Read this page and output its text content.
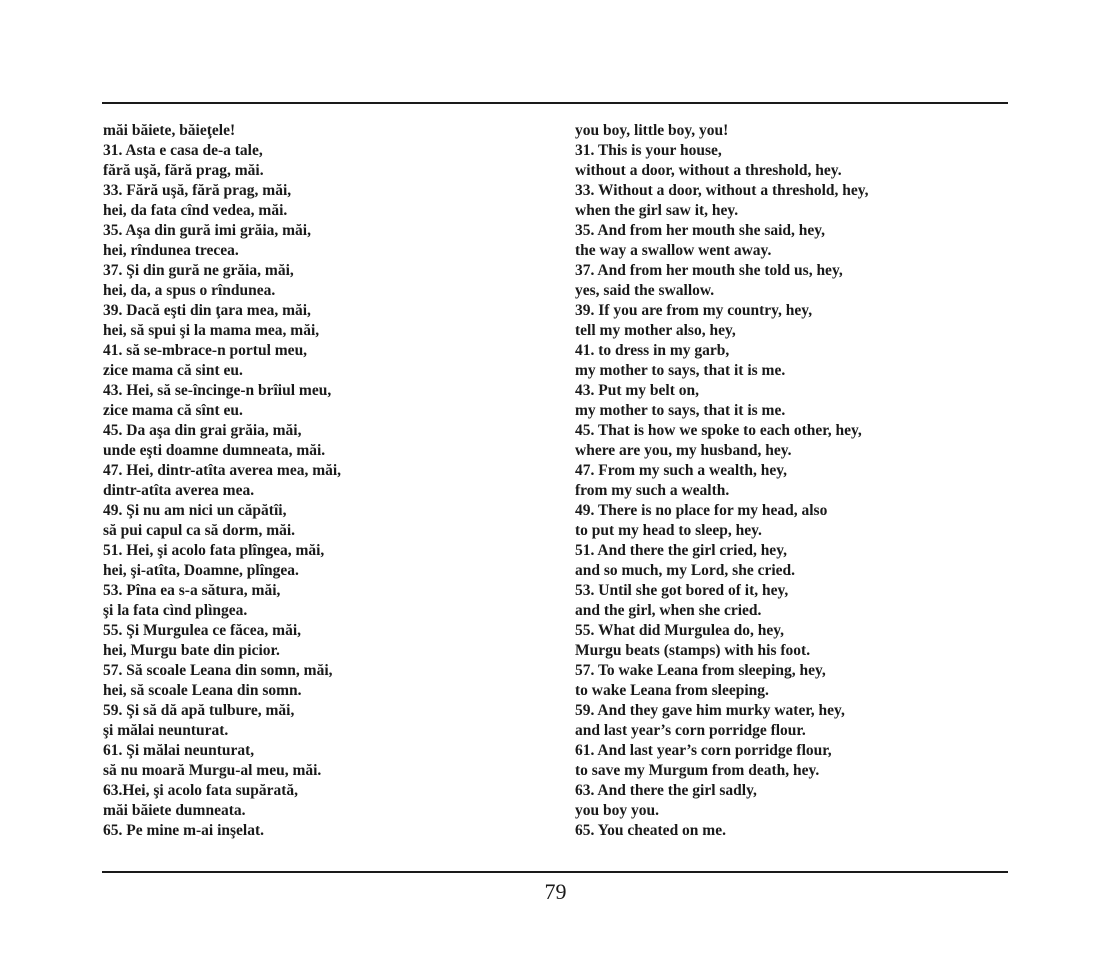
măi băiete, băieţele!
31. Asta e casa de-a tale,
fără uşă, fără prag, măi.
33. Fără uşă, fără prag, măi,
hei, da fata cînd vedea, măi.
35. Aşa din gură imi grăia, măi,
hei, rîndunea trecea.
37. Şi din gură ne grăia, măi,
hei, da, a spus o rîndunea.
39. Dacă eşti din ţara mea, măi,
hei, să spui şi la mama mea, măi,
41. să se-mbrace-n portul meu,
zice mama că sint eu.
43. Hei, să se-încinge-n brîiul meu,
zice mama că sînt eu.
45. Da aşa din grai grăia, măi,
unde eşti doamne dumneata, măi.
47. Hei, dintr-atîta averea mea, măi,
dintr-atîta averea mea.
49. Şi nu am nici un căpătîi,
să pui capul ca să dorm, măi.
51. Hei, şi acolo fata plîngea, măi,
hei, şi-atîta, Doamne, plîngea.
53. Pîna ea s-a sătura, măi,
şi la fata cìnd plìngea.
55. Şi Murgulea ce făcea, măi,
hei, Murgu bate din picior.
57. Să scoale Leana din somn, măi,
hei, să scoale Leana din somn.
59. Şi să dă apă tulbure, măi,
şi mălai neunturat.
61. Şi mălai neunturat,
să nu moară Murgu-al meu, măi.
63.Hei, şi acolo fata supărată,
măi băiete dumneata.
65. Pe mine m-ai inşelat.
you boy, little boy, you!
31. This is your house,
without a door, without a threshold, hey.
33. Without a door, without a threshold, hey,
when the girl saw it, hey.
35. And from her mouth she said, hey,
the way a swallow went away.
37. And from her mouth she told us, hey,
yes, said the swallow.
39. If you are from my country, hey,
tell my mother also, hey,
41. to dress in my garb,
my mother to says, that it is me.
43. Put my belt on,
my mother to says, that it is me.
45. That is how we spoke to each other, hey,
where are you, my husband, hey.
47. From my such a wealth, hey,
from my such a wealth.
49. There is no place for my head, also
to put my head to sleep, hey.
51. And there the girl cried, hey,
and so much, my Lord, she cried.
53. Until she got bored of it, hey,
and the girl, when she cried.
55. What did Murgulea do, hey,
Murgu beats (stamps) with his foot.
57. To wake Leana from sleeping, hey,
to wake Leana from sleeping.
59. And they gave him murky water, hey,
and last year’s corn porridge flour.
61. And last year’s corn porridge flour,
to save my Murgum from death, hey.
63. And there the girl sadly,
you boy you.
65. You cheated on me.
79
